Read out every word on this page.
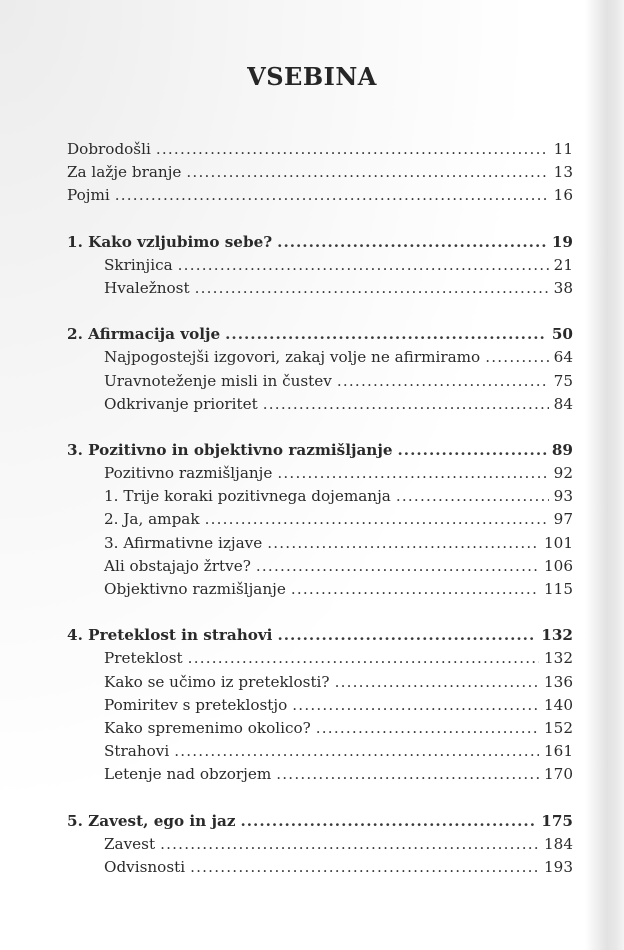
VSEBINA
Dobrodošli .....	11
Za lažje branje .....	13
Pojmi .....	16
1. Kako vzljubimo sebe? .....	19
Skrinjica .....	21
Hvaležnost .....	38
2. Afirmacija volje .....	50
Najpogostejši izgovori, zakaj volje ne afirmiramo .....	64
Uravnoteženje misli in čustev .....	75
Odkrivanje prioritet .....	84
3. Pozitivno in objektivno razmišljanje .....	89
Pozitivno razmišljanje .....	92
1. Trije koraki pozitivnega dojemanja .....	93
2. Ja, ampak .....	97
3. Afirmativne izjave .....	101
Ali obstajajo žrtve? .....	106
Objektivno razmišljanje .....	115
4. Preteklost in strahovi .....	132
Preteklost .....	132
Kako se učimo iz preteklosti? .....	136
Pomiritev s preteklostjo .....	140
Kako spremenimo okolico? .....	152
Strahovi .....	161
Letenje nad obzorjem .....	170
5. Zavest, ego in jaz .....	175
Zavest .....	184
Odvisnosti .....	193
